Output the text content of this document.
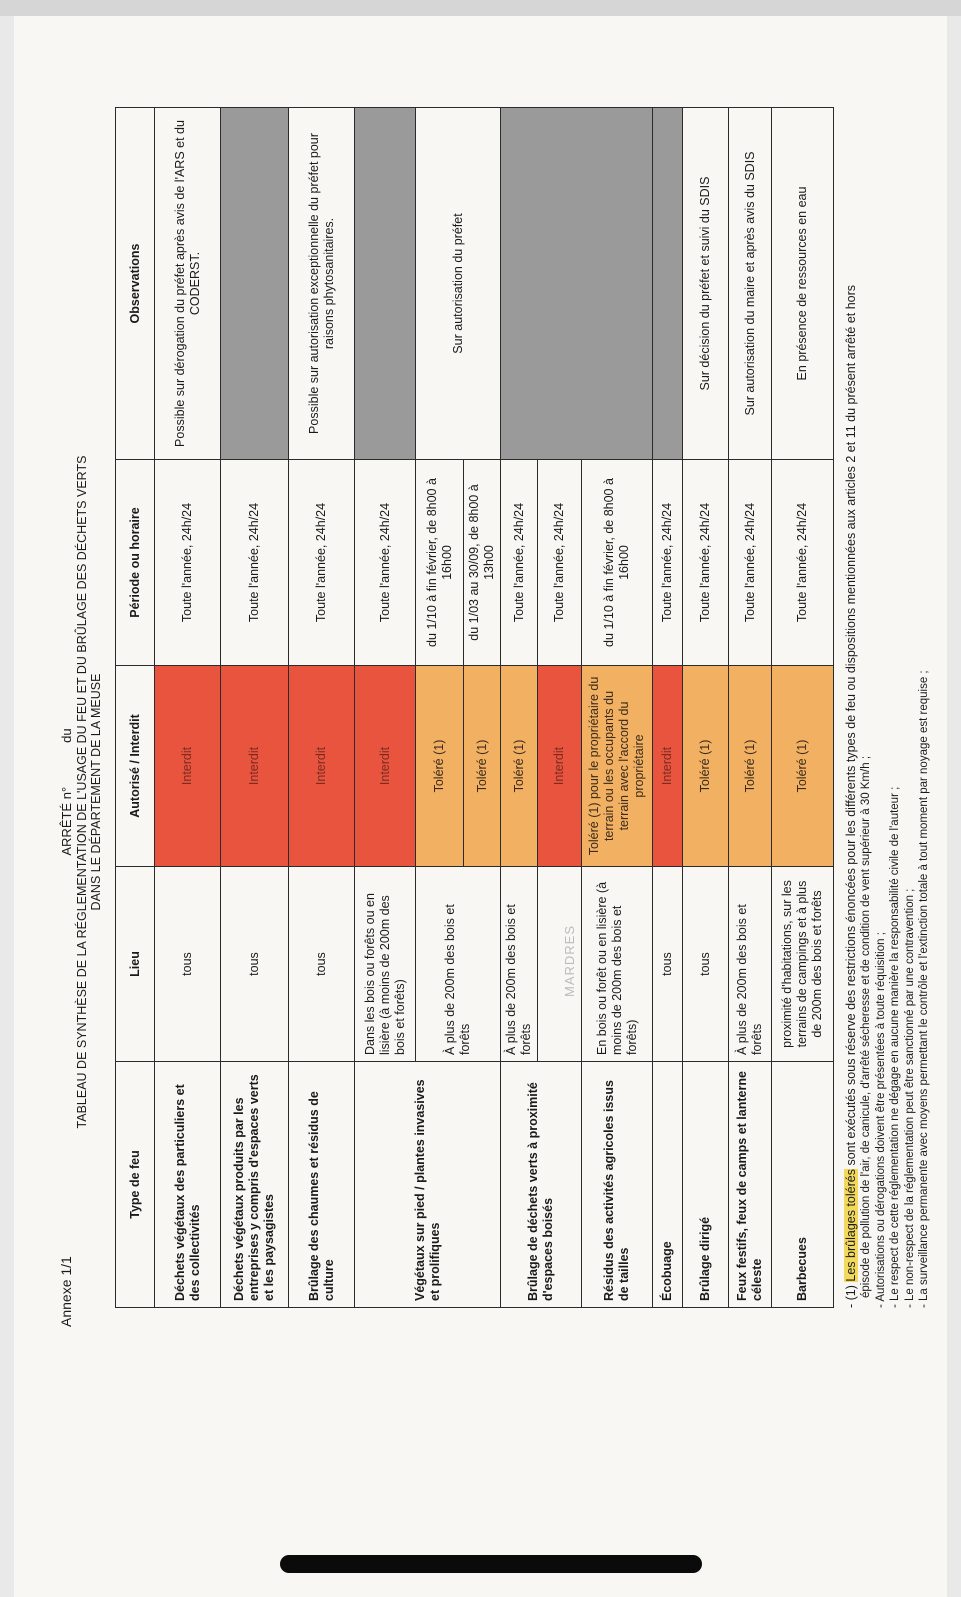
Annexe 1/1
MARDRES
ARRÊTÉ n°du TABLEAU DE SYNTHÈSE DE LA RÉGLEMENTATION DE L'USAGE DU FEU ET DU BRÛLAGE DES DÉCHETS VERTS DANS LE DÉPARTEMENT DE LA MEUSE
Type de feu	Lieu	Autorisé / Interdit	Période ou horaire	Observations
Déchets végétaux des particuliers et des collectivités	tous	Interdit	Toute l'année, 24h/24	Possible sur dérogation du préfet après avis de l'ARS et du CODERST.
Déchets végétaux produits par les entreprises y compris d'espaces verts et les paysagistes	tous	Interdit	Toute l'année, 24h/24	
Brûlage des chaumes et résidus de culture	tous	Interdit	Toute l'année, 24h/24	Possible sur autorisation exceptionnelle du préfet pour raisons phytosanitaires.
Végétaux sur pied / plantes invasives et prolifiques	Dans les bois ou forêts ou en lisière (à moins de 200m des bois et forêts)	Interdit	Toute l'année, 24h/24	
	À plus de 200m des bois et forêts	Toléré (1)	du 1/10 à fin février, de 8h00 à 16h00	Sur autorisation du préfet
		Toléré (1)	du 1/03 au 30/09, de 8h00 à 13h00	
Brûlage de déchets verts à proximité d'espaces boisés	À plus de 200m des bois et forêts	Toléré (1)	Toute l'année, 24h/24	
		Interdit	Toute l'année, 24h/24	
Résidus des activités agricoles issus de tailles	En bois ou forêt ou en lisière (à moins de 200m des bois et forêts)	Toléré (1) pour le propriétaire du terrain ou les occupants du terrain avec l'accord du propriétaire	du 1/10 à fin février, de 8h00 à 16h00	
Écobuage	tous	Interdit	Toute l'année, 24h/24	
Brûlage dirigé	tous	Toléré (1)	Toute l'année, 24h/24	Sur décision du préfet et suivi du SDIS
Feux festifs, feux de camps et lanterne céleste	À plus de 200m des bois et forêts	Toléré (1)	Toute l'année, 24h/24	Sur autorisation du maire et après avis du SDIS
Barbecues	proximité d'habitations, sur les terrains de campings et à plus de 200m des bois et forêts	Toléré (1)	Toute l'année, 24h/24	En présence de ressources en eau
- (1) Les brûlages tolérés sont exécutés sous réserve des restrictions énoncées pour les différents types de feu ou dispositions mentionnées aux articles 2 et 11 du présent arrêté et hors épisode de pollution de l'air, de canicule, d'arrêté sécheresse et de condition de vent supérieur à 30 Km/h ; - Autorisations ou dérogations doivent être présentées à toute réquisition ; - Le respect de cette réglementation ne dégage en aucune manière la responsabilité civile de l'auteur ; - Le non-respect de la réglementation peut être sanctionné par une contravention ; - La surveillance permanente avec moyens permettant le contrôle et l'extinction totale à tout moment par noyage est requise ;
